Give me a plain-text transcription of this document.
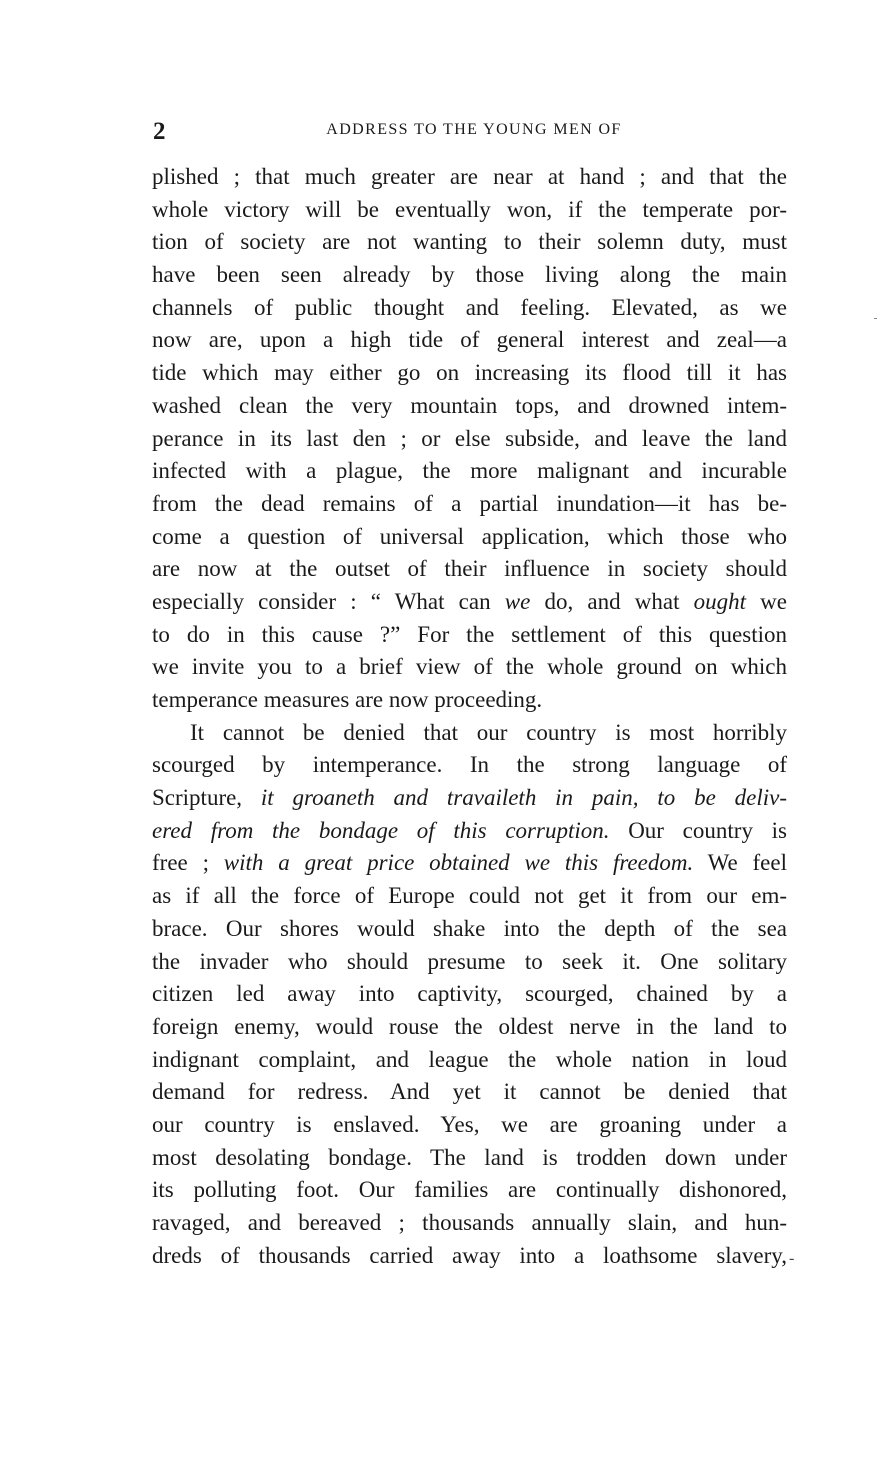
2	ADDRESS TO THE YOUNG MEN OF
plished ; that much greater are near at hand ; and that the
whole victory will be eventually won, if the temperate por-
tion of society are not wanting to their solemn duty, must
have been seen already by those living along the main
channels of public thought and feeling. Elevated, as we
now are, upon a high tide of general interest and zeal—a
tide which may either go on increasing its flood till it has
washed clean the very mountain tops, and drowned intem-
perance in its last den ; or else subside, and leave the land
infected with a plague, the more malignant and incurable
from the dead remains of a partial inundation—it has be-
come a question of universal application, which those who
are now at the outset of their influence in society should
especially consider : “ What can we do, and what ought we
to do in this cause ?” For the settlement of this question
we invite you to a brief view of the whole ground on which
temperance measures are now proceeding.
It cannot be denied that our country is most horribly
scourged by intemperance. In the strong language of
Scripture, it groaneth and travaileth in pain, to be deliv-
ered from the bondage of this corruption. Our country is
free ; with a great price obtained we this freedom. We feel
as if all the force of Europe could not get it from our em-
brace. Our shores would shake into the depth of the sea
the invader who should presume to seek it. One solitary
citizen led away into captivity, scourged, chained by a
foreign enemy, would rouse the oldest nerve in the land to
indignant complaint, and league the whole nation in loud
demand for redress. And yet it cannot be denied that
our country is enslaved. Yes, we are groaning under a
most desolating bondage. The land is trodden down under
its polluting foot. Our families are continually dishonored,
ravaged, and bereaved ; thousands annually slain, and hun-
dreds of thousands carried away into a loathsome slavery, -
